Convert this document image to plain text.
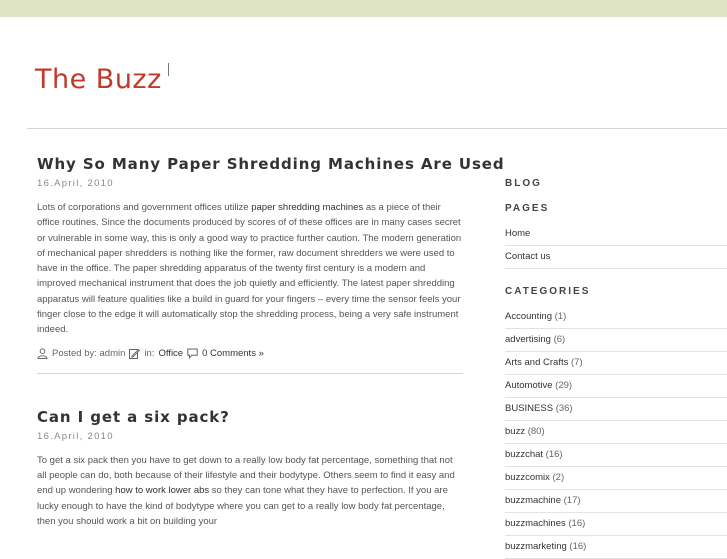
The Buzz
Why So Many Paper Shredding Machines Are Used
16.April, 2010
Lots of corporations and government offices utilize paper shredding machines as a piece of their office routines. Since the documents produced by scores of of these offices are in many cases secret or vulnerable in some way, this is only a good way to practice further caution. The modern generation of mechanical paper shredders is nothing like the former, raw document shredders we were used to have in the office. The paper shredding apparatus of the twenty first century is a modern and improved mechanical instrument that does the job quietly and efficiently. The latest paper shredding apparatus will feature qualities like a build in guard for your fingers – every time the sensor feels your finger close to the edge it will automatically stop the shredding process, being a very safe instrument indeed.
Posted by: admin in: Office 0 Comments »
Can I get a six pack?
16.April, 2010
To get a six pack then you have to get down to a really low body fat percentage, something that not all people can do, both because of their lifestyle and their bodytype. Others seem to find it easy and end up wondering how to work lower abs so they can tone what they have to perfection. If you are lucky enough to have the kind of bodytype where you can get to a really low body fat percentage, then you should work a bit on building your
BLOG
PAGES
Home
Contact us
CATEGORIES
Accounting (1)
advertising (6)
Arts and Crafts (7)
Automotive (29)
BUSINESS (36)
buzz (80)
buzzchat (16)
buzzcomix (2)
buzzmachine (17)
buzzmachines (16)
buzzmarketing (16)
